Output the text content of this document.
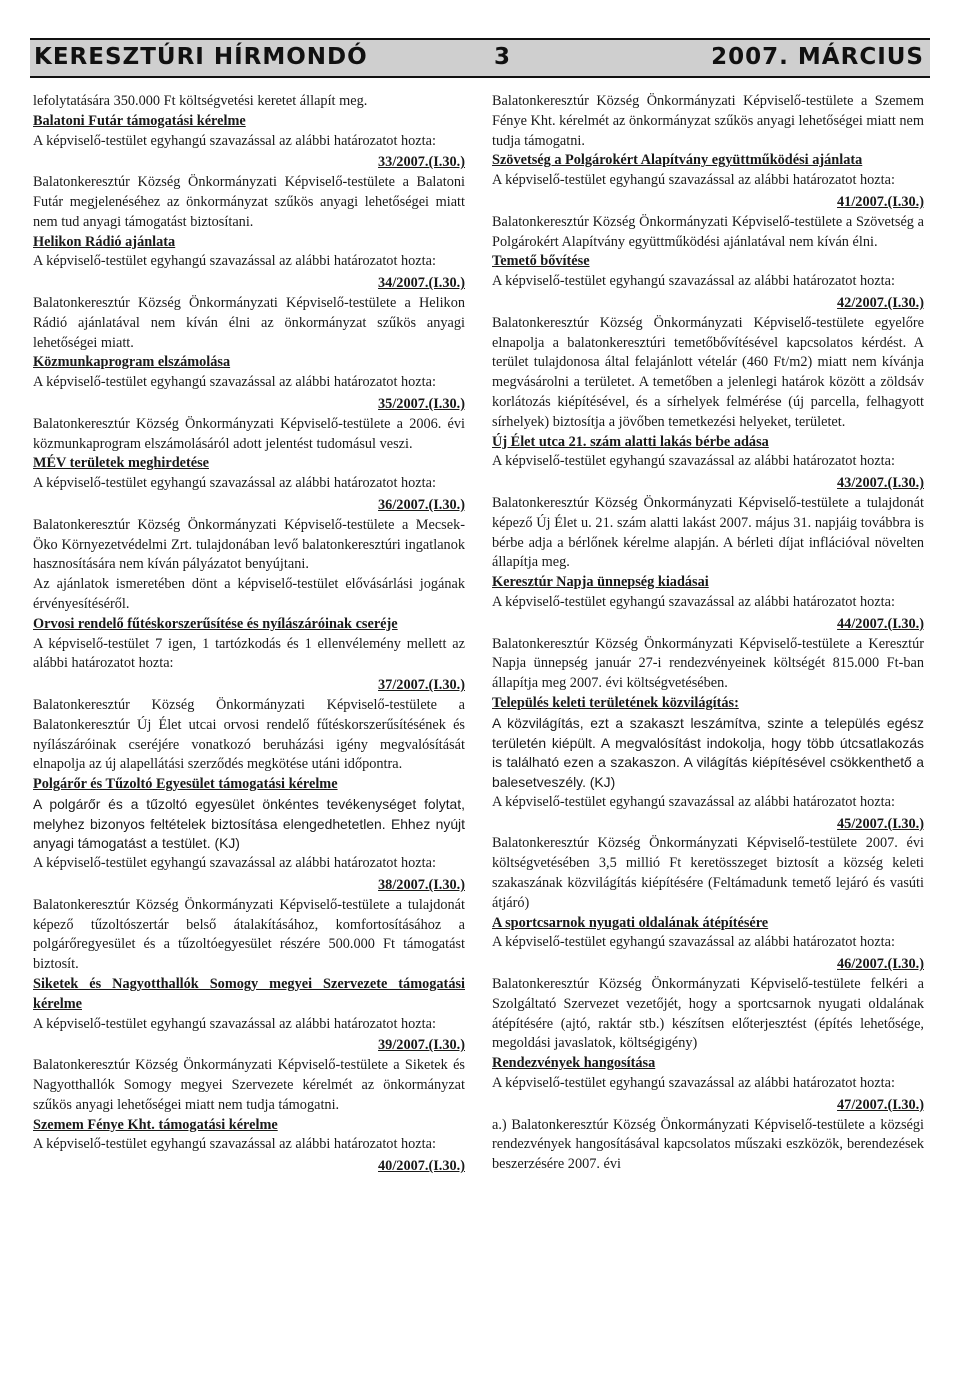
KERESZTÚRI HÍRMONDÓ	3	2007. MÁRCIUS

lefolytatására 350.000 Ft költségvetési keretet állapít meg.

Balatoni Futár támogatási kérelme

A képviselő-testület egyhangú szavazással az alábbi határozatot hozta:

33/2007.(I.30.)

Balatonkeresztúr Község Önkormányzati Képviselő-testülete a Balatoni Futár megjelenéséhez az önkormányzat szűkös anyagi lehetőségei miatt nem tud anyagi támogatást biztosítani.

Helikon Rádió ajánlata

A képviselő-testület egyhangú szavazással az alábbi határozatot hozta:

34/2007.(I.30.)

Balatonkeresztúr Község Önkormányzati Képviselő-testülete a Helikon Rádió ajánlatával nem kíván élni az önkormányzat szűkös anyagi lehetőségei miatt.

Közmunkaprogram elszámolása

A képviselő-testület egyhangú szavazással az alábbi határozatot hozta:

35/2007.(I.30.)

Balatonkeresztúr Község Önkormányzati Képviselő-testülete a 2006. évi közmunkaprogram elszámolásáról adott jelentést tudomásul veszi.

MÉV területek meghirdetése

A képviselő-testület egyhangú szavazással az alábbi határozatot hozta:

36/2007.(I.30.)

Balatonkeresztúr Község Önkormányzati Képviselő-testülete a Mecsek-Öko Környezetvédelmi Zrt. tulajdonában levő balatonkeresztúri ingatlanok hasznosítására nem kíván pályázatot benyújtani.

Az ajánlatok ismeretében dönt a képviselő-testület elővásárlási jogának érvényesítéséről.

Orvosi rendelő fűtéskorszerűsítése és nyílászáróinak cseréje

A képviselő-testület 7 igen, 1 tartózkodás és 1 ellenvélemény mellett az alábbi határozatot hozta:

37/2007.(I.30.)

Balatonkeresztúr Község Önkormányzati Képviselő-testülete a Balatonkeresztúr Új Élet utcai orvosi rendelő fűtéskorszerűsítésének és nyílászáróinak cseréjére vonatkozó beruházási igény megvalósítását elnapolja az új alapellátási szerződés megkötése utáni időpontra.

Polgárőr és Tűzoltó Egyesület támogatási kérelme

A polgárőr és a tűzoltó egyesület önkéntes tevékenységet folytat, melyhez bizonyos feltételek biztosítása elengedhetetlen. Ehhez nyújt anyagi támogatást a testület. (KJ)

A képviselő-testület egyhangú szavazással az alábbi határozatot hozta:

38/2007.(I.30.)

Balatonkeresztúr Község Önkormányzati Képviselő-testülete a tulajdonát képező tűzoltószertár belső átalakításához, komfortosításához a polgárőregyesület és a tűzoltóegyesület részére 500.000 Ft támogatást biztosít.

Siketek és Nagyotthallók Somogy megyei Szervezete támogatási kérelme

A képviselő-testület egyhangú szavazással az alábbi határozatot hozta:

39/2007.(I.30.)

Balatonkeresztúr Község Önkormányzati Képviselő-testülete a Siketek és Nagyotthallók Somogy megyei Szervezete kérelmét az önkormányzat szűkös anyagi lehetőségei miatt nem tudja támogatni.

Szemem Fénye Kht. támogatási kérelme

A képviselő-testület egyhangú szavazással az alábbi határozatot hozta:

40/2007.(I.30.)

Balatonkeresztúr Község Önkormányzati Képviselő-testülete a Szemem Fénye Kht. kérelmét az önkormányzat szűkös anyagi lehetőségei miatt nem tudja támogatni.

Szövetség a Polgárokért Alapítvány együttműködési ajánlata

A képviselő-testület egyhangú szavazással az alábbi határozatot hozta:

41/2007.(I.30.)

Balatonkeresztúr Község Önkormányzati Képviselő-testülete a Szövetség a Polgárokért Alapítvány együttműködési ajánlatával nem kíván élni.

Temető bővítése

A képviselő-testület egyhangú szavazással az alábbi határozatot hozta:

42/2007.(I.30.)

Balatonkeresztúr Község Önkormányzati Képviselő-testülete egyelőre elnapolja a balatonkeresztúri temetőbővítésével kapcsolatos kérdést. A terület tulajdonosa által felajánlott vételár (460 Ft/m2) miatt nem kívánja megvásárolni a területet. A temetőben a jelenlegi határok között a zöldsáv korlátozás kiépítésével, és a sírhelyek felmérése (új parcella, felhagyott sírhelyek) biztosítja a jövőben temetkezési helyeket, területet.

Új Élet utca 21. szám alatti lakás bérbe adása

A képviselő-testület egyhangú szavazással az alábbi határozatot hozta:

43/2007.(I.30.)

Balatonkeresztúr Község Önkormányzati Képviselő-testülete a tulajdonát képező Új Élet u. 21. szám alatti lakást 2007. május 31. napjáig továbbra is bérbe adja a bérlőnek kérelme alapján. A bérleti díjat inflációval növelten állapítja meg.

Keresztúr Napja ünnepség kiadásai

A képviselő-testület egyhangú szavazással az alábbi határozatot hozta:

44/2007.(I.30.)

Balatonkeresztúr Község Önkormányzati Képviselő-testülete a Keresztúr Napja ünnepség január 27-i rendezvényeinek költségét 815.000 Ft-ban állapítja meg 2007. évi költségvetésében.

Település keleti területének közvilágítás:

A közvilágítás, ezt a szakaszt leszámítva, szinte a település egész területén kiépült. A megvalósítást indokolja, hogy több útcsatlakozás is található ezen a szakaszon. A világítás kiépítésével csökkenthető a balesetveszély. (KJ)

A képviselő-testület egyhangú szavazással az alábbi határozatot hozta:

45/2007.(I.30.)

Balatonkeresztúr Község Önkormányzati Képviselő-testülete 2007. évi költségvetésében 3,5 millió Ft keretösszeget biztosít a község keleti szakaszának közvilágítás kiépítésére (Feltámadunk temető lejáró és vasúti átjáró)

A sportcsarnok nyugati oldalának átépítésére

A képviselő-testület egyhangú szavazással az alábbi határozatot hozta:

46/2007.(I.30.)

Balatonkeresztúr Község Önkormányzati Képviselő-testülete felkéri a Szolgáltató Szervezet vezetőjét, hogy a sportcsarnok nyugati oldalának átépítésére (ajtó, raktár stb.) készítsen előterjesztést (építés lehetősége, megoldási javaslatok, költségigény)

Rendezvények hangosítása

A képviselő-testület egyhangú szavazással az alábbi határozatot hozta:

47/2007.(I.30.)

a.) Balatonkeresztúr Község Önkormányzati Képviselő-testülete a községi rendezvények hangosításával kapcsolatos műszaki eszközök, berendezések beszerzésére 2007. évi
